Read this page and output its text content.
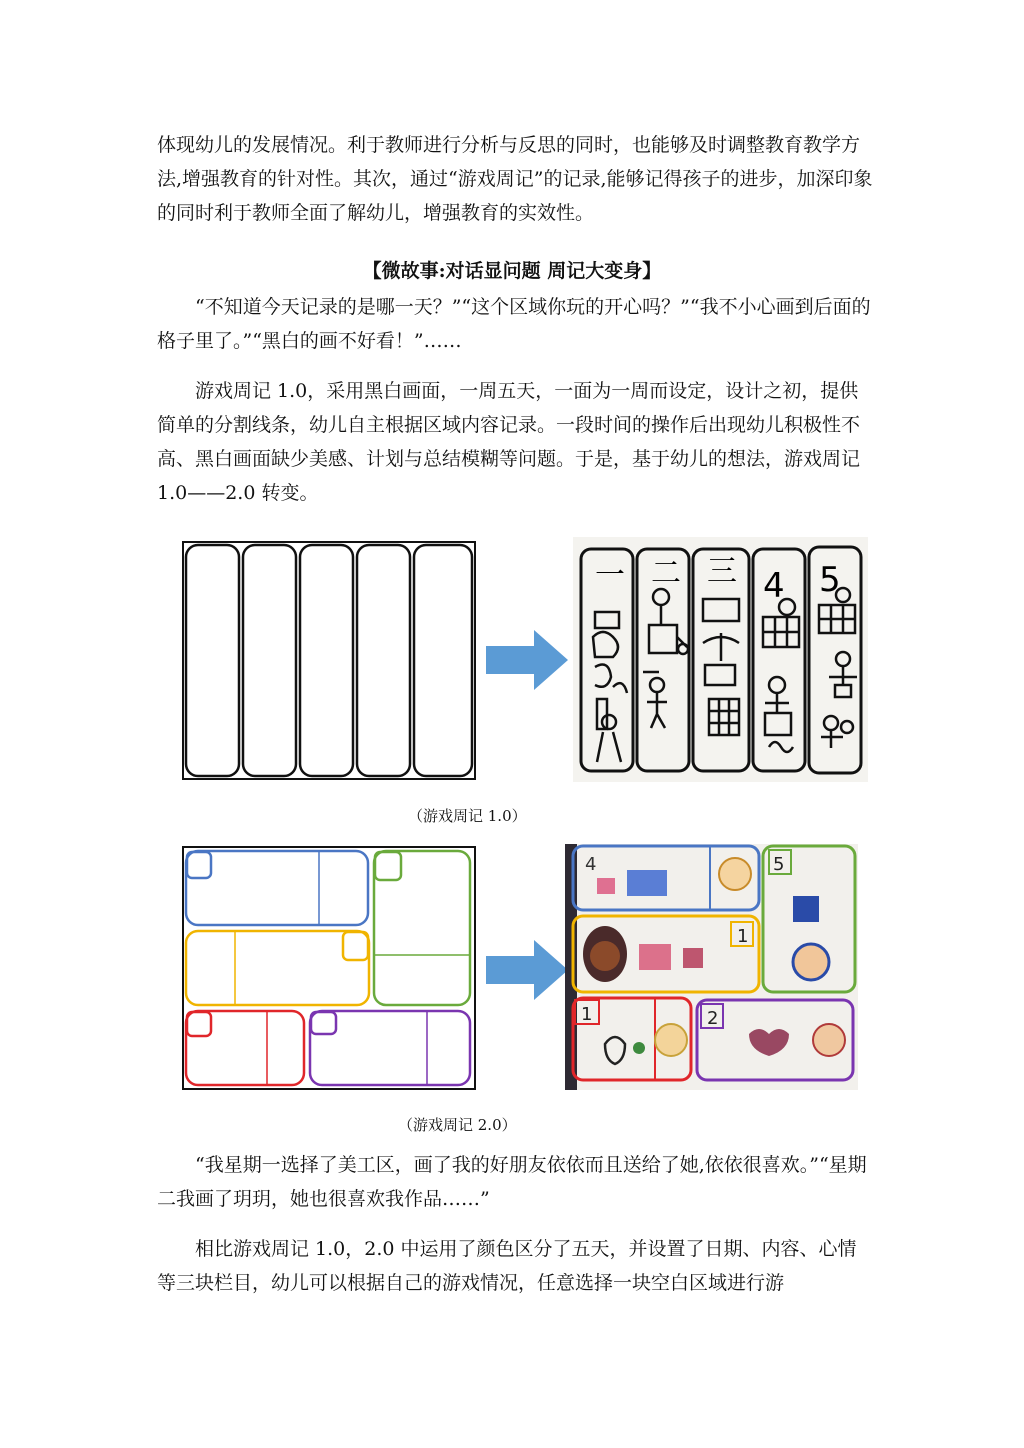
体现幼儿的发展情况。利于教师进行分析与反思的同时，也能够及时调整教育教学方法,增强教育的针对性。其次，通过“游戏周记”的记录,能够记得孩子的进步，加深印象的同时利于教师全面了解幼儿，增强教育的实效性。

【微故事:对话显问题 周记大变身】

“不知道今天记录的是哪一天？”“这个区域你玩的开心吗？”“我不小心画到后面的格子里了。”“黑白的画不好看！”……

游戏周记 1.0，采用黑白画面，一周五天，一面为一周而设定，设计之初，提供简单的分割线条，幼儿自主根据区域内容记录。一段时间的操作后出现幼儿积极性不高、黑白画面缺少美感、计划与总结模糊等问题。于是，基于幼儿的想法，游戏周记 1.0——2.0 转变。

一 二 三 4 5
（游戏周记 1.0）
4	5
1
1	2
（游戏周记 2.0）

“我星期一选择了美工区，画了我的好朋友依依而且送给了她,依依很喜欢。”“星期二我画了玥玥，她也很喜欢我作品……”

相比游戏周记 1.0，2.0 中运用了颜色区分了五天，并设置了日期、内容、心情等三块栏目，幼儿可以根据自己的游戏情况，任意选择一块空白区域进行游
